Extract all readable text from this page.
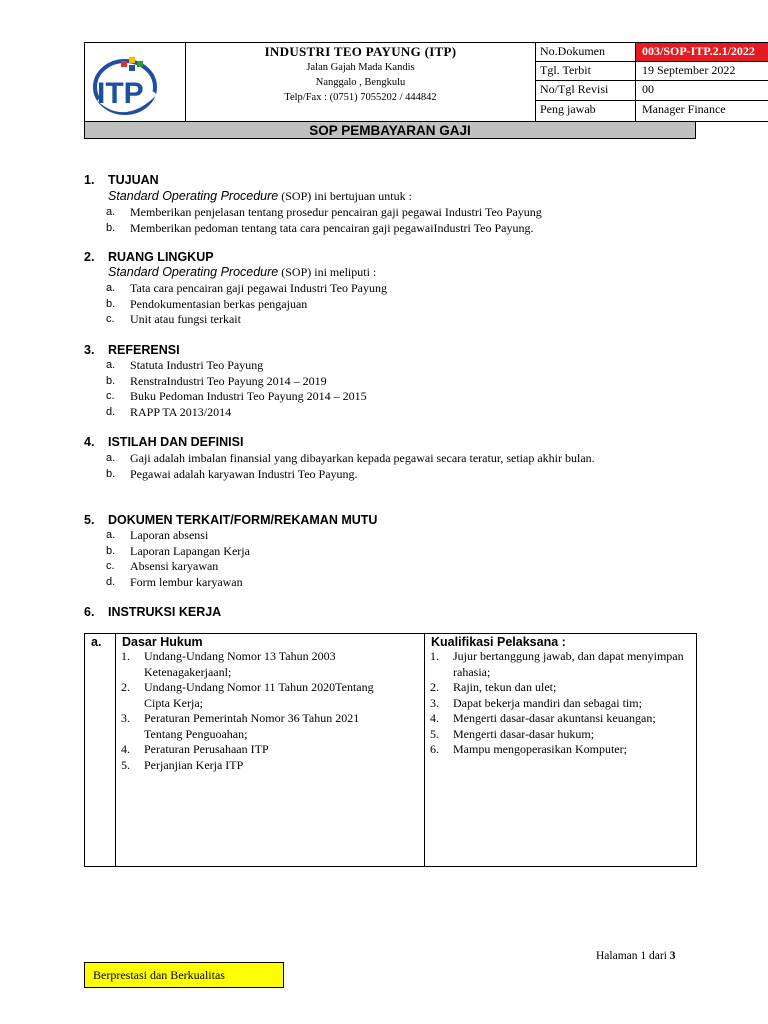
ITP
INDUSTRI TEO PAYUNG (ITP)
Jalan Gajah Mada Kandis
Nanggalo , Bengkulu
Telp/Fax : (0751) 7055202 / 444842
No.Dokumen	003/SOP-ITP.2.1/2022
Tgl. Terbit	19 September 2022
No/Tgl Revisi	00
Peng jawab	Manager Finance
SOP PEMBAYARAN GAJI
1. TUJUAN
Standard Operating Procedure (SOP) ini bertujuan untuk :
a. Memberikan penjelasan tentang prosedur pencairan gaji pegawai Industri Teo Payung
b. Memberikan pedoman tentang tata cara pencairan gaji pegawaiIndustri Teo Payung.
2. RUANG LINGKUP
Standard Operating Procedure (SOP) ini meliputi :
a. Tata cara pencairan gaji pegawai Industri Teo Payung
b. Pendokumentasian berkas pengajuan
c. Unit atau fungsi terkait
3. REFERENSI
a. Statuta Industri Teo Payung
b. RenstraIndustri Teo Payung 2014 – 2019
c. Buku Pedoman Industri Teo Payung 2014 – 2015
d. RAPP TA 2013/2014
4. ISTILAH DAN DEFINISI
a. Gaji adalah imbalan finansial yang dibayarkan kepada pegawai secara teratur, setiap akhir bulan.
b. Pegawai adalah karyawan Industri Teo Payung.
5. DOKUMEN TERKAIT/FORM/REKAMAN MUTU
a. Laporan absensi
b. Laporan Lapangan Kerja
c. Absensi karyawan
d. Form lembur karyawan
6. INSTRUKSI KERJA
a.	Dasar Hukum
1. Undang-Undang Nomor 13 Tahun 2003 Ketenagakerjaanl;
2. Undang-Undang Nomor 11 Tahun 2020Tentang Cipta Kerja;
3. Peraturan Pemerintah Nomor 36 Tahun 2021 Tentang Penguoahan;
4. Peraturan Perusahaan ITP
5. Perjanjian Kerja ITP
Kualifikasi Pelaksana :
1. Jujur bertanggung jawab, dan dapat menyimpan rahasia;
2. Rajin, tekun dan ulet;
3. Dapat bekerja mandiri dan sebagai tim;
4. Mengerti dasar-dasar akuntansi keuangan;
5. Mengerti dasar-dasar hukum;
6. Mampu mengoperasikan Komputer;
Halaman 1 dari 3
Berprestasi dan Berkualitas
